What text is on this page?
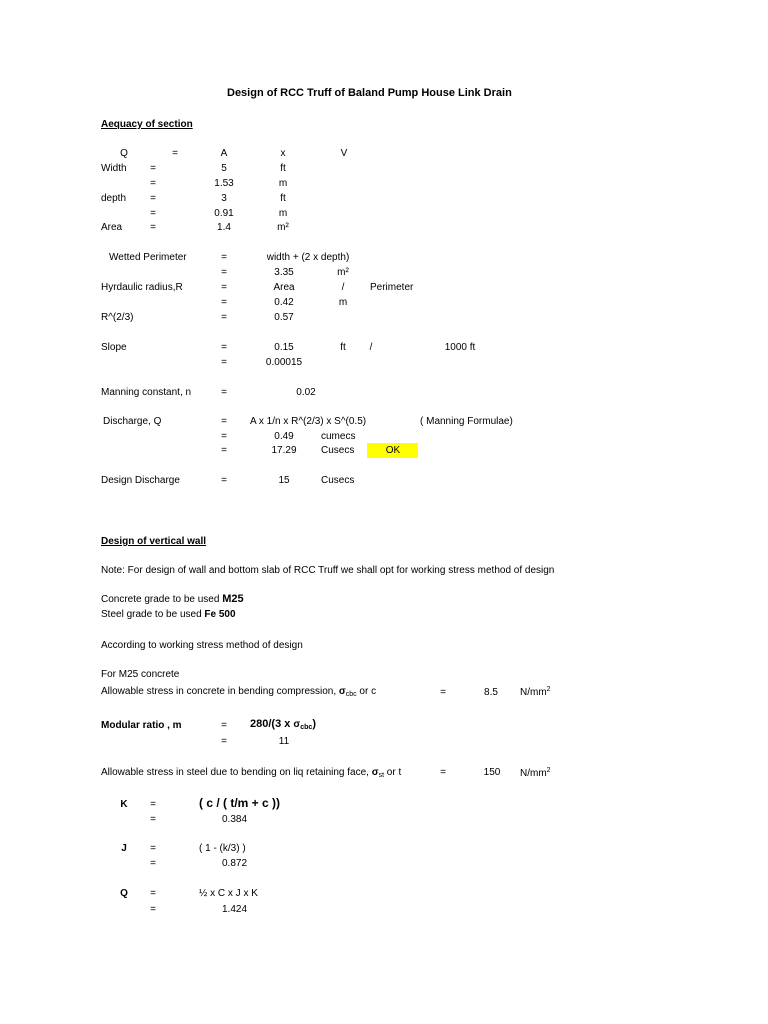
Design of RCC Truff of Baland Pump House Link Drain
Aequacy of section
Q	=	A	x	V
Width =	5	ft
=	1.53	m
depth =	3	ft
=	0.91	m
Area	=	1.4	m²
Wetted Perimeter	=	width + (2 x depth)
=	3.35	m²
Hyrdaulic radius,R	=	Area	/	Perimeter
=	0.42	m
R^(2/3)	=	0.57
Slope	=	0.15	ft /	1000 ft
=	0.00015
Manning constant, n	=	0.02
Discharge, Q	= A x 1/n x R^(2/3) x S^(0.5)	( Manning Formulae)
=	0.49	cumecs
=	17.29 Cusecs	OK
Design Discharge	=	15	Cusecs
Design of vertical wall
Note: For design of wall and bottom slab of RCC Truff we shall opt for working stress method of design
Concrete grade to be used M25
Steel grade to be used Fe 500
According to working stress method of design
For M25 concrete
Allowable stress in concrete in bending compression, $\sigma_{cbc}$ or c	=	8.5 $N/mm^2$
Modular ratio , m	= 280/(3 x $\sigma_{cbc}$)
=	11
Allowable stress in steel due to bending on liq retaining face, $\sigma_{st}$ or t	=	150 $N/mm^2$
K =	( c / ( t/m + c ))
=	0.384
J =	( 1 - (k/3) )
=	0.872
Q =	½ x C x J x K
=	1.424
